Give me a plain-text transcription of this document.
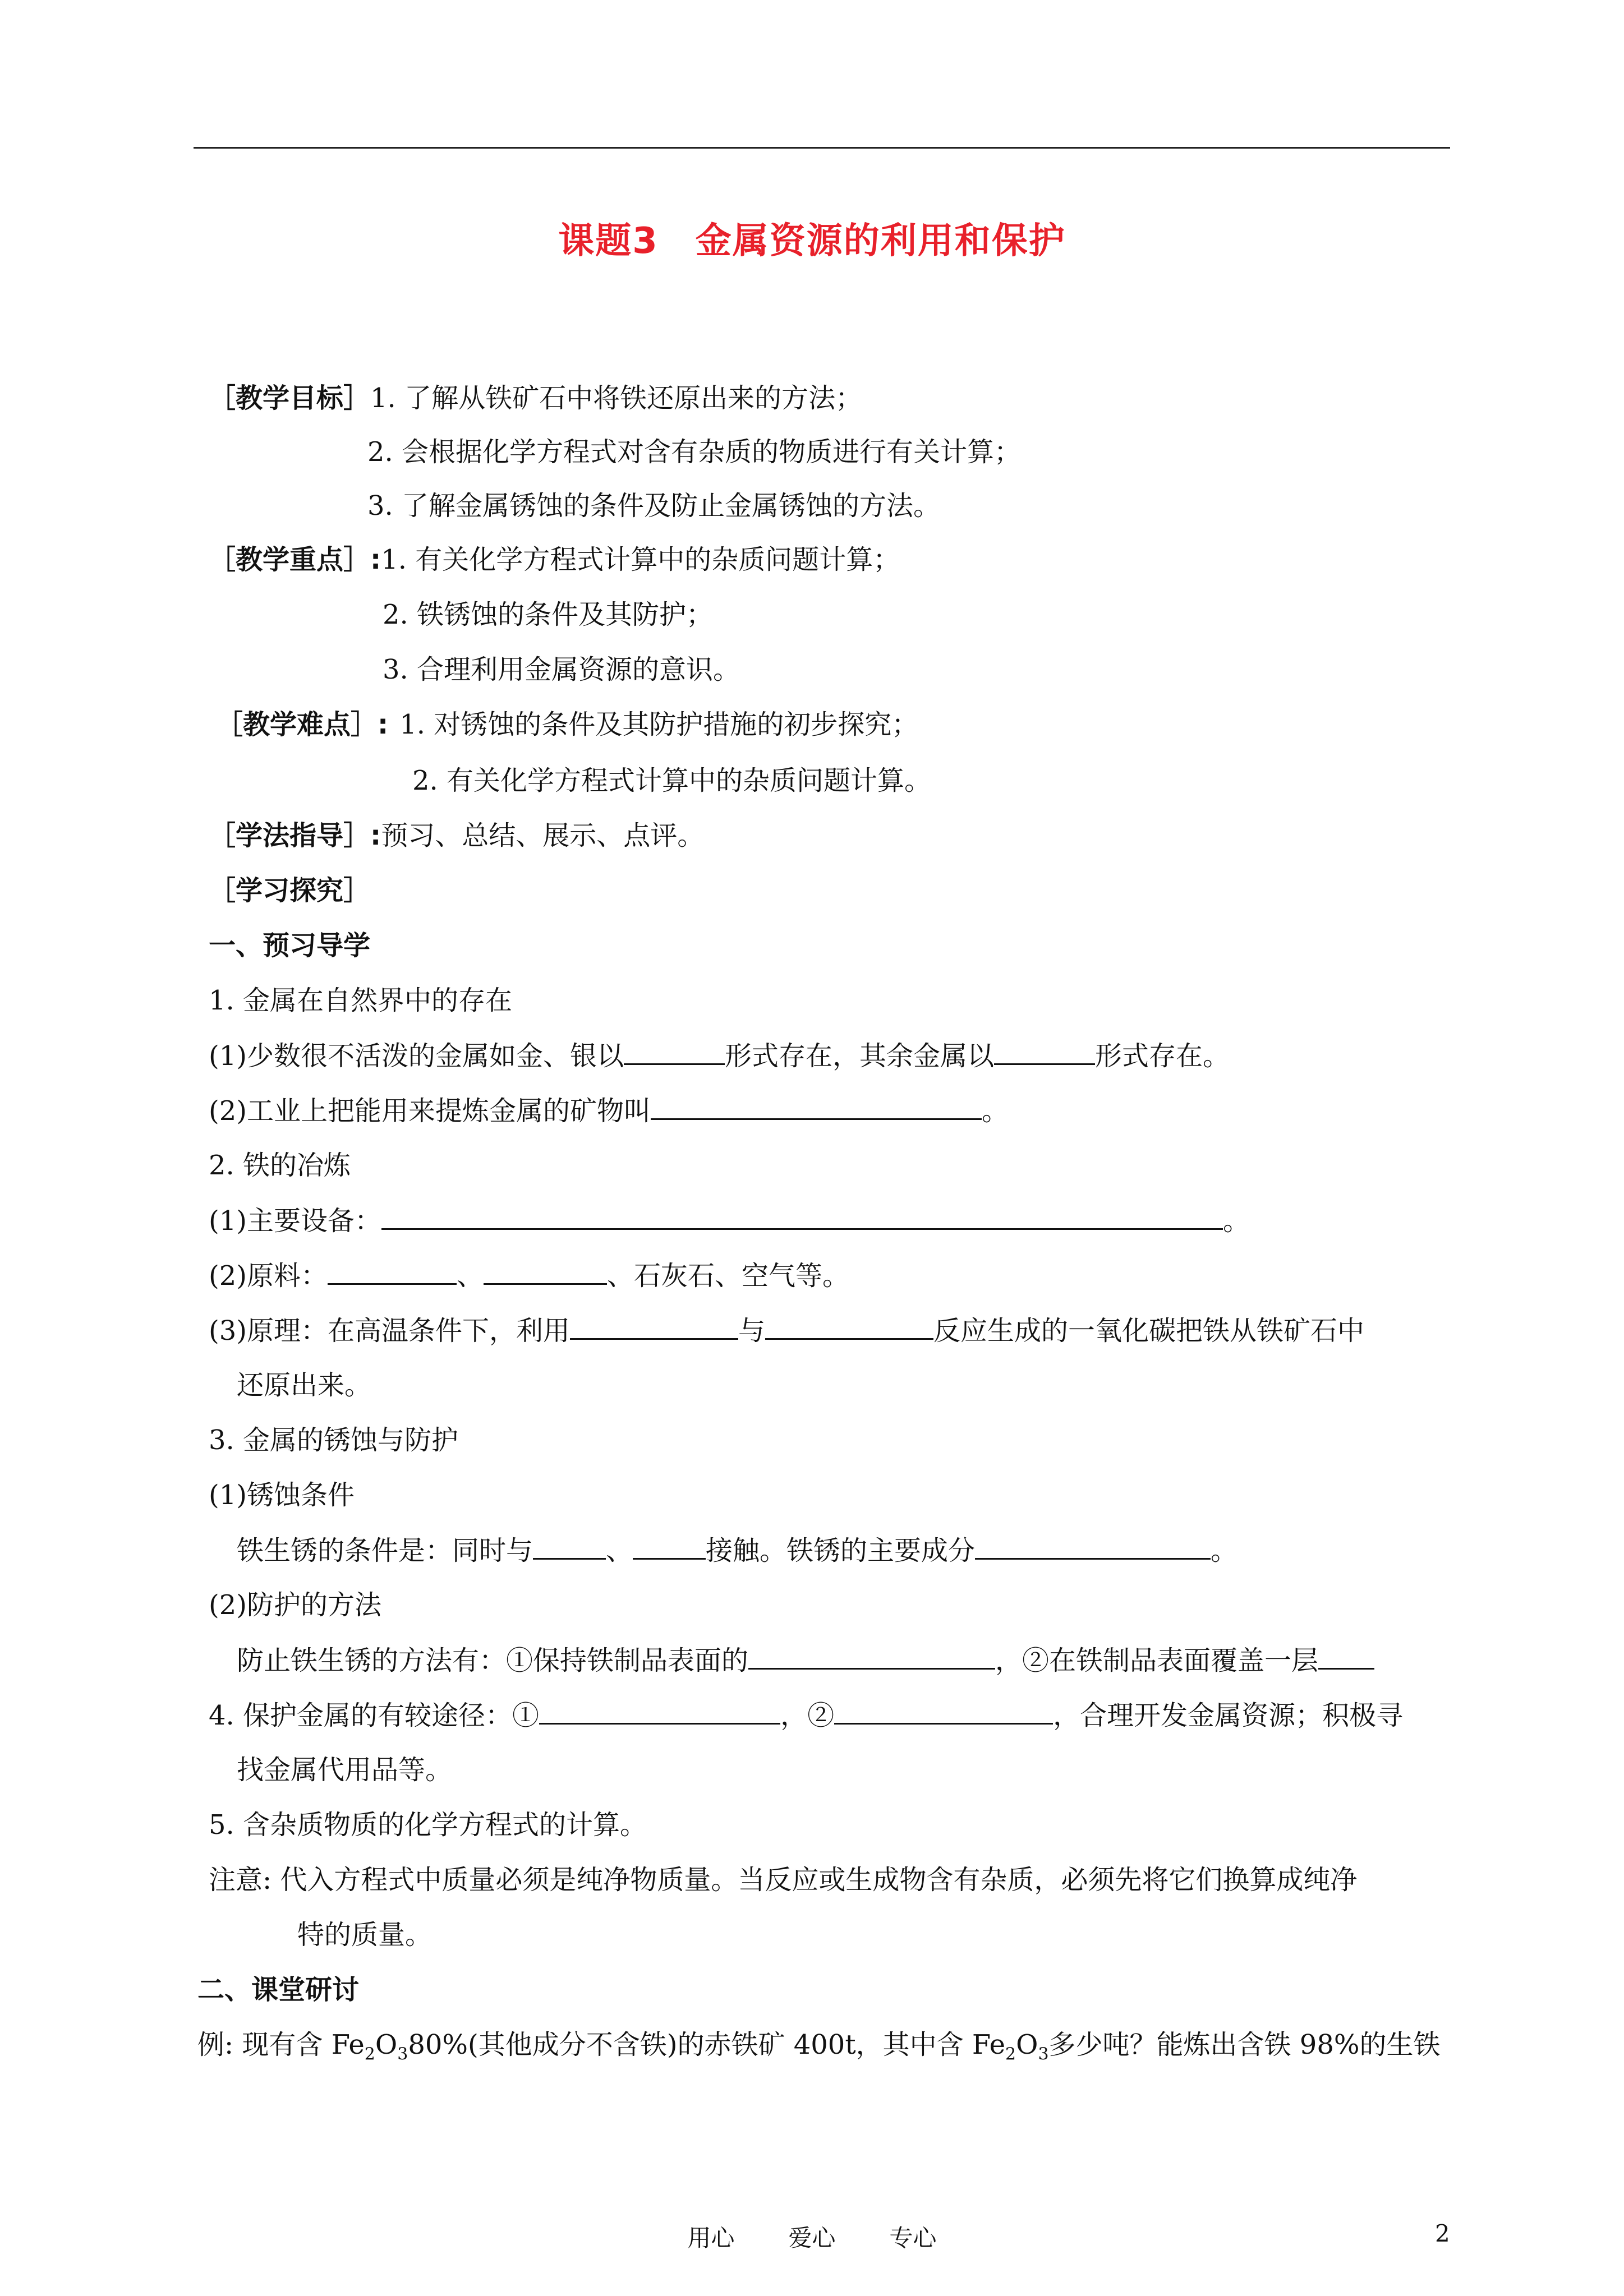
课题3　金属资源的利用和保护
［教学目标］1. 了解从铁矿石中将铁还原出来的方法；
2. 会根据化学方程式对含有杂质的物质进行有关计算；
3. 了解金属锈蚀的条件及防止金属锈蚀的方法。
［教学重点］:1. 有关化学方程式计算中的杂质问题计算；
2. 铁锈蚀的条件及其防护；
3. 合理利用金属资源的意识。
［教学难点］: 1. 对锈蚀的条件及其防护措施的初步探究；
2. 有关化学方程式计算中的杂质问题计算。
［学法指导］:预习、总结、展示、点评。
［学习探究］
一、预习导学
1. 金属在自然界中的存在
(1)少数很不活泼的金属如金、银以	形式存在，其余金属以	形式存在。
(2)工业上把能用来提炼金属的矿物叫	。
2. 铁的冶炼
(1)主要设备：	。
(2)原料：	、	、石灰石、空气等。
(3)原理：在高温条件下，利用	与	反应生成的一氧化碳把铁从铁矿石中
还原出来。
3. 金属的锈蚀与防护
(1)锈蚀条件
铁生锈的条件是：同时与	、	接触。铁锈的主要成分	。
(2)防护的方法
防止铁生锈的方法有：①保持铁制品表面的	，②在铁制品表面覆盖一层
4. 保护金属的有较途径：①	，②	，合理开发金属资源；积极寻
找金属代用品等。
5. 含杂质物质的化学方程式的计算。
注意: 代入方程式中质量必须是纯净物质量。当反应或生成物含有杂质，必须先将它们换算成纯净
特的质量。
二、课堂研讨
例: 现有含 $Fe_2O_380\%$(其他成分不含铁)的赤铁矿 400t，其中含 $Fe_2O_3$多少吨？能炼出含铁 98%的生铁
用心 爱心 专心	2
